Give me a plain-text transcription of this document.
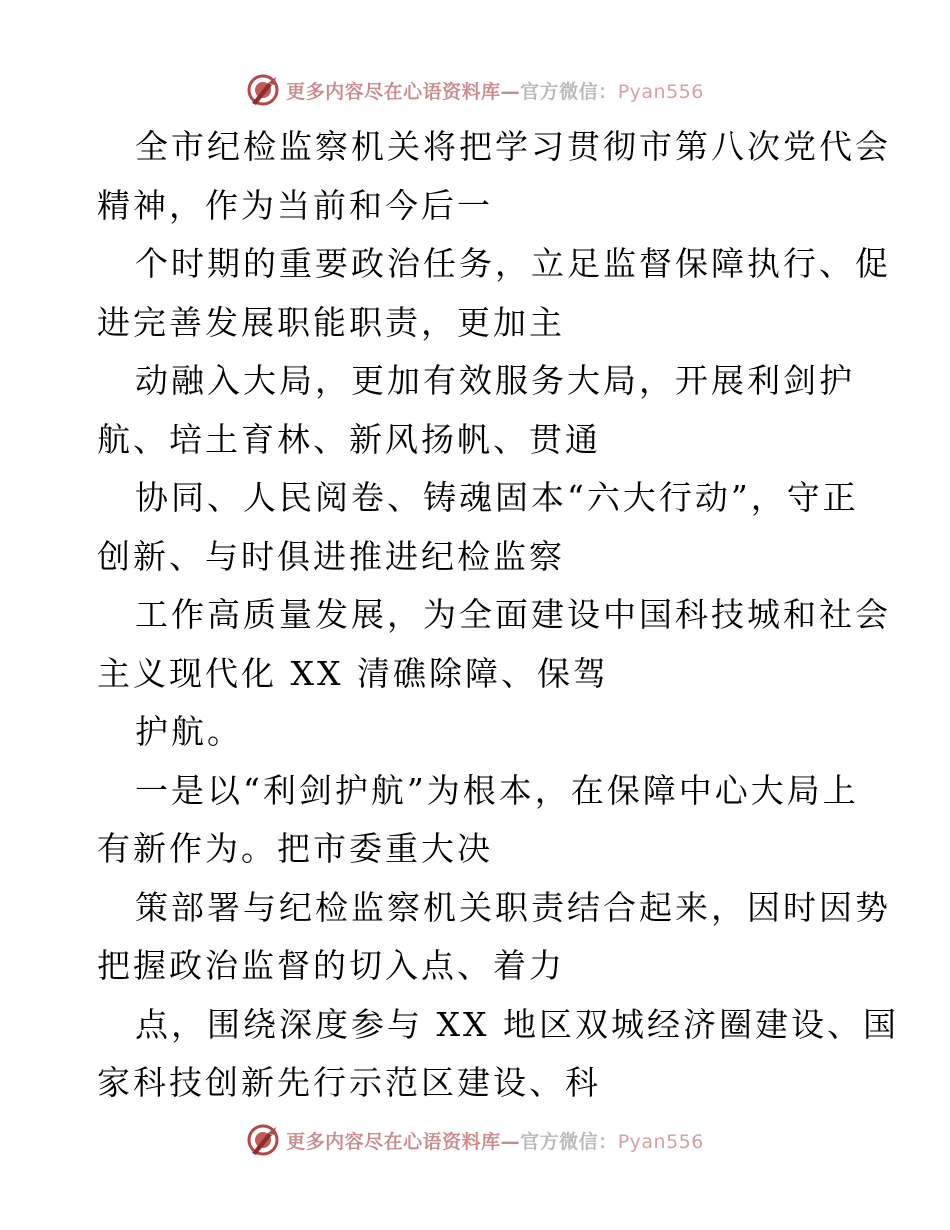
更多内容尽在心语资料库—官方微信：Pyan556
全市纪检监察机关将把学习贯彻市第八次党代会
精神，作为当前和今后一
个时期的重要政治任务，立足监督保障执行、促
进完善发展职能职责，更加主
动融入大局，更加有效服务大局，开展利剑护
航、培土育林、新风扬帆、贯通
协同、人民阅卷、铸魂固本“六大行动”，守正
创新、与时俱进推进纪检监察
工作高质量发展，为全面建设中国科技城和社会
主义现代化 XX 清礁除障、保驾
护航。
一是以“利剑护航”为根本，在保障中心大局上
有新作为。把市委重大决
策部署与纪检监察机关职责结合起来，因时因势
把握政治监督的切入点、着力
点，围绕深度参与 XX 地区双城经济圈建设、国
家科技创新先行示范区建设、科
更多内容尽在心语资料库—官方微信：Pyan556
